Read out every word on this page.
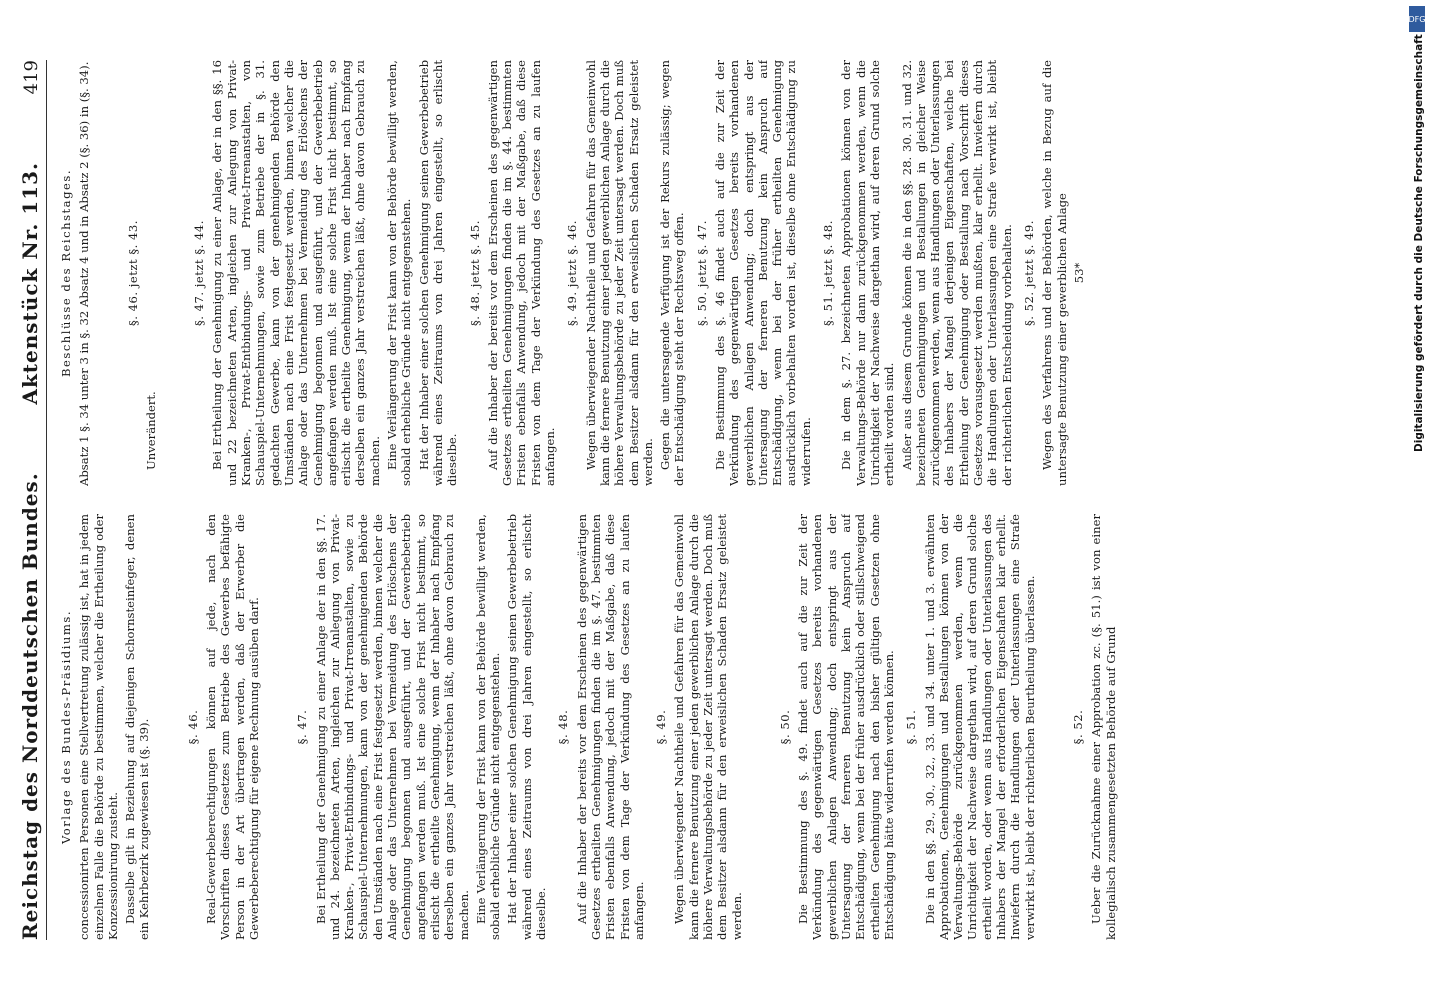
Reichstag des Norddeutschen Bundes.
Aktenstück Nr. 113.
419
Vorlage des Bundes-Präsidiums. concessionirten Personen eine Stellvertretung zulässig ist, hat in jedem einzelnen Falle die Behörde zu bestimmen, welcher die Ertheilung oder Konzessionirung zusteht. Dasselbe gilt in Beziehung auf diejenigen Schornsteinfeger, denen ein Kehrbezirk zugewiesen ist (§. 39).	§. 46. Real-Gewerbeberechtigungen können auf jede, nach den Vorschriften dieses Gesetzes zum Betriebe des Gewerbes befähigte Person in der Art übertragen werden, daß der Erwerber die Gewerbeberechtigung für eigene Rechnung ausüben darf.	§. 47. Bei Ertheilung der Genehmigung zu einer Anlage der in den §§. 17. und 24. bezeichneten Arten, ingleichen zur Anlegung von Privat-Kranken-, Privat-Entbindungs- und Privat-Irrenanstalten, sowie zu Schauspiel-Unternehmungen, kann von der genehmigenden Behörde den Umständen nach eine Frist festgesetzt werden, binnen welcher die Anlage oder das Unternehmen bei Vermeidung des Erlöschens der Genehmigung begonnen und ausgeführt, und der Gewerbebetrieb angefangen werden muß. Ist eine solche Frist nicht bestimmt, so erlischt die ertheilte Genehmigung, wenn der Inhaber nach Empfang derselben ein ganzes Jahr verstreichen läßt, ohne davon Gebrauch zu machen. Eine Verlängerung der Frist kann von der Behörde bewilligt werden, sobald erhebliche Gründe nicht entgegenstehen. Hat der Inhaber einer solchen Genehmigung seinen Gewerbebetrieb während eines Zeitraums von drei Jahren eingestellt, so erlischt dieselbe.

§. 48. Auf die Inhaber der bereits vor dem Erscheinen des gegenwärtigen Gesetzes ertheilten Genehmigungen finden die im §. 47. bestimmten Fristen ebenfalls Anwendung, jedoch mit der Maßgabe, daß diese Fristen von dem Tage der Verkündung des Gesetzes an zu laufen anfangen.

§. 49. Wegen überwiegender Nachtheile und Gefahren für das Gemeinwohl kann die fernere Benutzung einer jeden gewerblichen Anlage durch die höhere Verwaltungsbehörde zu jeder Zeit untersagt werden. Doch muß dem Besitzer alsdann für den erweislichen Schaden Ersatz geleistet werden.

§. 50. Die Bestimmung des §. 49. findet auch auf die zur Zeit der Verkündung des gegenwärtigen Gesetzes bereits vorhandenen gewerblichen Anlagen Anwendung; doch entspringt aus der Untersagung der ferneren Benutzung kein Anspruch auf Entschädigung, wenn bei der früher ausdrücklich oder stillschweigend ertheilten Genehmigung nach den bisher gültigen Gesetzen ohne Entschädigung hätte widerrufen werden können. §. 51. Die in den §§. 29., 30., 32., 33. und 34. unter 1. und 3. erwähnten Approbationen, Genehmigungen und Bestallungen können von der Verwaltungs-Behörde zurückgenommen werden, wenn die Unrichtigkeit der Nachweise dargethan wird, auf deren Grund solche ertheilt worden, oder wenn aus Handlungen oder Unterlassungen des Inhabers der Mangel der erforderlichen Eigenschaften klar erhellt. Inwiefern durch die Handlungen oder Unterlassungen eine Strafe verwirkt ist, bleibt der richterlichen Beurtheilung überlassen.	§. 52. Ueber die Zurücknahme einer Approbation zc. (§. 51.) ist von einer kollegialisch zusammengesetzten Behörde auf Grund

Beschlüsse des Reichstages. Absatz 1 §. 34 unter 3 in §. 32 Absatz 4 und in Absatz 2 (§. 36) in (§. 34).	§. 46. jetzt §. 43.

Unverändert.

§. 47. jetzt §. 44. Bei Ertheilung der Genehmigung zu einer Anlage, der in den §§. 16 und 22 bezeichneten Arten, ingleichen zur Anlegung von Privat-Kranken-, Privat-Entbindungs- und Privat-Irrenanstalten, von Schauspiel-Unternehmungen, sowie zum Betriebe der in §. 31. gedachten Gewerbe, kann von der genehmigenden Behörde den Umständen nach eine Frist festgesetzt werden, binnen welcher die Anlage oder das Unternehmen bei Vermeidung des Erlöschens der Genehmigung begonnen und ausgeführt, und der Gewerbebetrieb angefangen werden muß. Ist eine solche Frist nicht bestimmt, so erlischt die ertheilte Genehmigung, wenn der Inhaber nach Empfang derselben ein ganzes Jahr verstreichen läßt, ohne davon Gebrauch zu machen. Eine Verlängerung der Frist kann von der Behörde bewilligt werden, sobald erhebliche Gründe nicht entgegenstehen. Hat der Inhaber einer solchen Genehmigung seinen Gewerbebetrieb während eines Zeitraums von drei Jahren eingestellt, so erlischt dieselbe.

§. 48. jetzt §. 45. Auf die Inhaber der bereits vor dem Erscheinen des gegenwärtigen Gesetzes ertheilten Genehmigungen finden die im §. 44. bestimmten Fristen ebenfalls Anwendung, jedoch mit der Maßgabe, daß diese Fristen von dem Tage der Verkündung des Gesetzes an zu laufen anfangen.

§. 49. jetzt §. 46. Wegen überwiegender Nachtheile und Gefahren für das Gemeinwohl kann die fernere Benutzung einer jeden gewerblichen Anlage durch die höhere Verwaltungsbehörde zu jeder Zeit untersagt werden. Doch muß dem Besitzer alsdann für den erweislichen Schaden Ersatz geleistet werden. Gegen die untersagende Verfügung ist der Rekurs zulässig; wegen der Entschädigung steht der Rechtsweg offen. §. 50. jetzt §. 47. Die Bestimmung des §. 46 findet auch auf die zur Zeit der Verkündung des gegenwärtigen Gesetzes bereits vorhandenen gewerblichen Anlagen Anwendung; doch entspringt aus der Untersagung der ferneren Benutzung kein Anspruch auf Entschädigung, wenn bei der früher ertheilten Genehmigung ausdrücklich vorbehalten worden ist, dieselbe ohne Entschädigung zu widerrufen.

§. 51. jetzt §. 48. Die in dem §. 27. bezeichneten Approbationen können von der Verwaltungs-Behörde nur dann zurückgenommen werden, wenn die Unrichtigkeit der Nachweise dargethan wird, auf deren Grund solche ertheilt worden sind. Außer aus diesem Grunde können die in den §§. 28. 30. 31. und 32. bezeichneten Genehmigungen und Bestallungen in gleicher Weise zurückgenommen werden, wenn aus Handlungen oder Unterlassungen des Inhabers der Mangel derjenigen Eigenschaften, welche bei Ertheilung der Genehmigung oder Bestallung nach Vorschrift dieses Gesetzes vorausgesetzt werden mußten, klar erhellt. Inwiefern durch die Handlungen oder Unterlassungen eine Strafe verwirkt ist, bleibt der richterlichen Entscheidung vorbehalten. §. 52. jetzt §. 49. Wegen des Verfahrens und der Behörden, welche in Bezug auf die untersagte Benutzung einer gewerblichen Anlage 53*
DFG
Digitalisierung gefördert durch die Deutsche Forschungsgemeinschaft
